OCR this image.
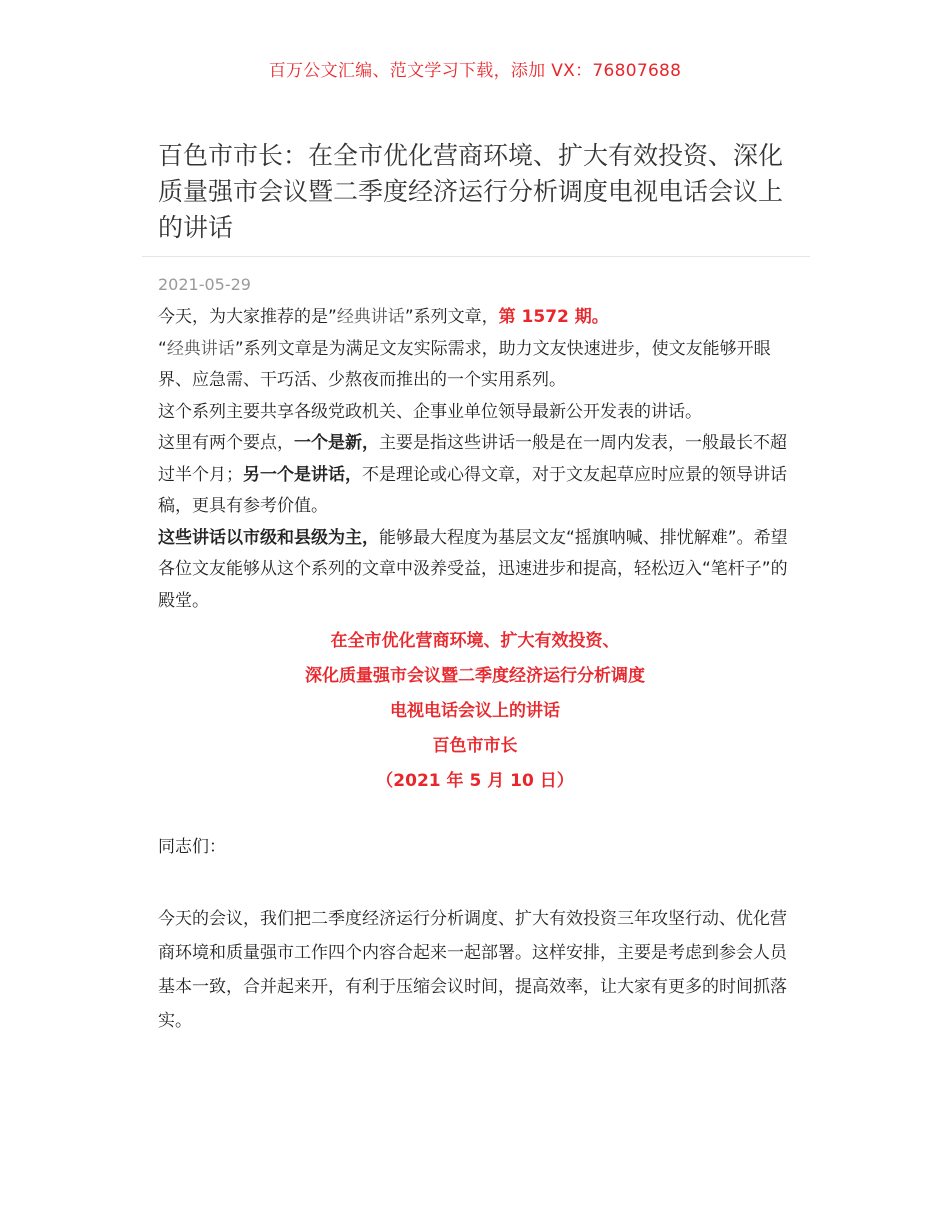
百万公文汇编、范文学习下载，添加 VX：76807688
百色市市长：在全市优化营商环境、扩大有效投资、深化质量强市会议暨二季度经济运行分析调度电视电话会议上的讲话
2021-05-29

今天，为大家推荐的是”经典讲话”系列文章，第 1572 期。

“经典讲话”系列文章是为满足文友实际需求，助力文友快速进步，使文友能够开眼界、应急需、干巧活、少熬夜而推出的一个实用系列。

这个系列主要共享各级党政机关、企事业单位领导最新公开发表的讲话。

这里有两个要点，一个是新，主要是指这些讲话一般是在一周内发表，一般最长不超过半个月；另一个是讲话，不是理论或心得文章，对于文友起草应时应景的领导讲话稿，更具有参考价值。

这些讲话以市级和县级为主，能够最大程度为基层文友“摇旗呐喊、排忧解难”。希望各位文友能够从这个系列的文章中汲养受益，迅速进步和提高，轻松迈入“笔杆子”的殿堂。

在全市优化营商环境、扩大有效投资、
深化质量强市会议暨二季度经济运行分析调度
电视电话会议上的讲话
百色市市长
（2021 年 5 月 10 日）
同志们：

今天的会议，我们把二季度经济运行分析调度、扩大有效投资三年攻坚行动、优化营商环境和质量强市工作四个内容合起来一起部署。这样安排，主要是考虑到参会人员基本一致，合并起来开，有利于压缩会议时间，提高效率，让大家有更多的时间抓落实。
